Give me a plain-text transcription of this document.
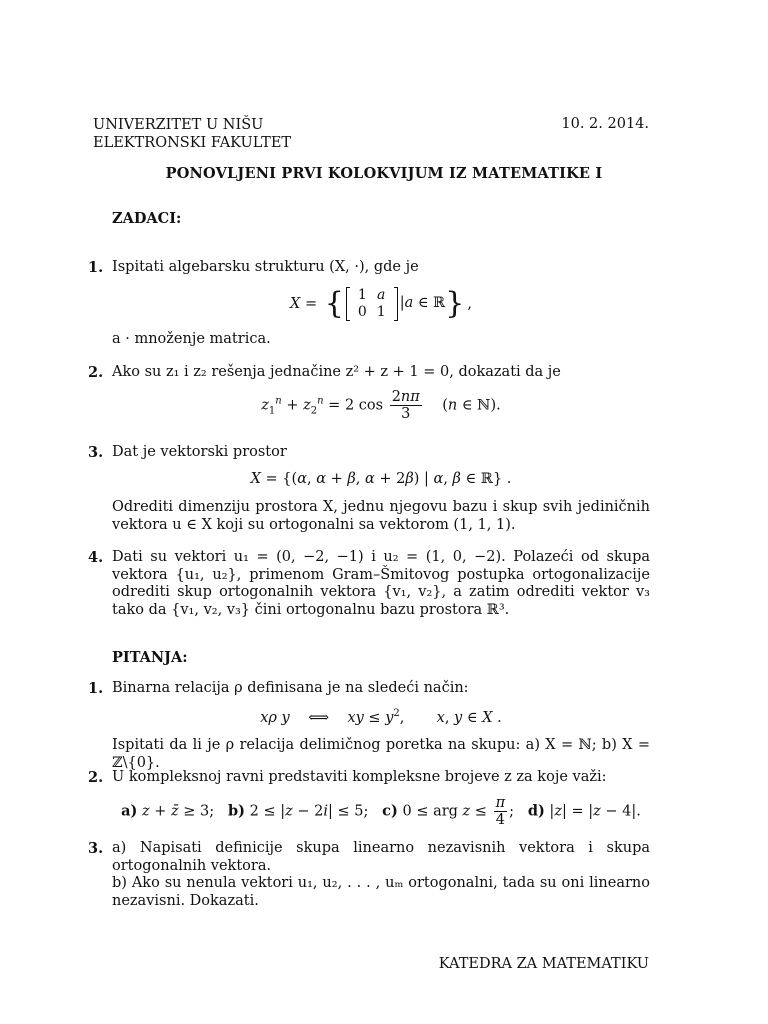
UNIVERZITET U NIŠU
ELEKTRONSKI FAKULTET
10. 2. 2014.
PONOVLJENI PRVI KOLOKVIJUM IZ MATEMATIKE I
ZADACI:
1. Ispitati algebarsku strukturu (X, ·), gde je
X = { 1	a
0	1
|a ∈ ℝ } ,
a · množenje matrica.
2. Ako su z₁ i z₂ rešenja jednačine z² + z + 1 = 0, dokazati da je
$z_1^n + z_2^n = 2$ $\cos \frac{2n\pi}{3} (n$ ∈ ℕ).
3. Dat je vektorski prostor
X = {(α, α + β, α + 2β) | α, β ∈ ℝ} .
Odrediti dimenziju prostora X, jednu njegovu bazu i skup svih jediničnih vektora u ∈ X koji su ortogonalni sa vektorom (1, 1, 1).
4. Dati su vektori u₁ = (0, −2, −1) i u₂ = (1, 0, −2). Polazeći od skupa vektora {u₁, u₂}, primenom Gram–Šmitovog postupka ortogonalizacije odrediti skup ortogonalnih vektora {v₁, v₂}, a zatim odrediti vektor v₃ tako da {v₁, v₂, v₃} čini ortogonalnu bazu prostora ℝ³.
PITANJA:
1. Binarna relacija ρ definisana je na sledeći način:
xρ y    ⟺    xy ≤ $y^2$,       x, y ∈ X .
Ispitati da li je ρ relacija delimičnog poretka na skupu: a) X = ℕ; b) X = ℤ\{0}.
2. U kompleksnoj ravni predstaviti kompleksne brojeve z za koje važi:
a) z + z̄ ≥ 3;   b) 2 ≤ |z − 2i| ≤ 5;   c) 0 ≤ arg $z \le \frac{\pi}{4}$ ;   d) |z| = |z − 4|.
3. a) Napisati definicije skupa linearno nezavisnih vektora i skupa ortogonalnih vektora.
b) Ako su nenula vektori u₁, u₂, . . . , uₘ ortogonalni, tada su oni linearno nezavisni. Dokazati.
KATEDRA ZA MATEMATIKU
